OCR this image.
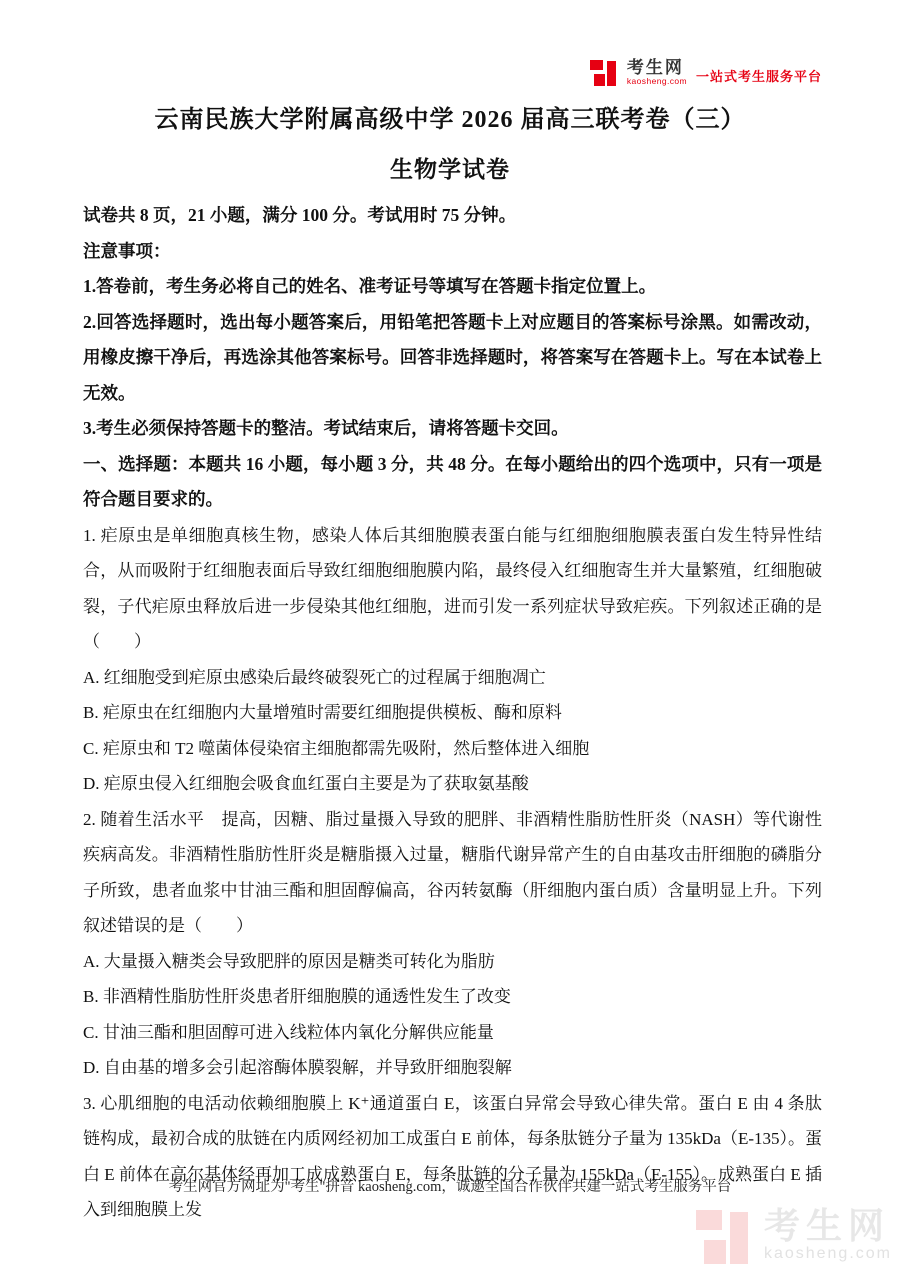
考生网
kaosheng.com 一站式考生服务平台
云南民族大学附属高级中学 2026 届高三联考卷（三）
生物学试卷

试卷共 8 页，21 小题，满分 100 分。考试用时 75 分钟。

注意事项：

1.答卷前，考生务必将自己的姓名、准考证号等填写在答题卡指定位置上。

2.回答选择题时，选出每小题答案后，用铅笔把答题卡上对应题目的答案标号涂黑。如需改动，用橡皮擦干净后，再选涂其他答案标号。回答非选择题时，将答案写在答题卡上。写在本试卷上无效。

3.考生必须保持答题卡的整洁。考试结束后，请将答题卡交回。

一、选择题：本题共 16 小题，每小题 3 分，共 48 分。在每小题给出的四个选项中，只有一项是符合题目要求的。

1. 疟原虫是单细胞真核生物，感染人体后其细胞膜表蛋白能与红细胞细胞膜表蛋白发生特异性结合，从而吸附于红细胞表面后导致红细胞细胞膜内陷，最终侵入红细胞寄生并大量繁殖，红细胞破裂，子代疟原虫释放后进一步侵染其他红细胞，进而引发一系列症状导致疟疾。下列叙述正确的是（　　）

A. 红细胞受到疟原虫感染后最终破裂死亡的过程属于细胞凋亡

B. 疟原虫在红细胞内大量增殖时需要红细胞提供模板、酶和原料

C. 疟原虫和 T2 噬菌体侵染宿主细胞都需先吸附，然后整体进入细胞

D. 疟原虫侵入红细胞会吸食血红蛋白主要是为了获取氨基酸

2. 随着生活水平　提高，因糖、脂过量摄入导致的肥胖、非酒精性脂肪性肝炎（NASH）等代谢性疾病高发。非酒精性脂肪性肝炎是糖脂摄入过量，糖脂代谢异常产生的自由基攻击肝细胞的磷脂分子所致，患者血浆中甘油三酯和胆固醇偏高，谷丙转氨酶（肝细胞内蛋白质）含量明显上升。下列叙述错误的是（　　）

A. 大量摄入糖类会导致肥胖的原因是糖类可转化为脂肪

B. 非酒精性脂肪性肝炎患者肝细胞膜的通透性发生了改变

C. 甘油三酯和胆固醇可进入线粒体内氧化分解供应能量

D. 自由基的增多会引起溶酶体膜裂解，并导致肝细胞裂解

3. 心肌细胞的电活动依赖细胞膜上 K⁺通道蛋白 E，该蛋白异常会导致心律失常。蛋白 E 由 4 条肽链构成，最初合成的肽链在内质网经初加工成蛋白 E 前体，每条肽链分子量为 135kDa（E-135）。蛋白 E 前体在高尔基体经再加工成成熟蛋白 E，每条肽链的分子量为 155kDa（E-155）。成熟蛋白 E 插入到细胞膜上发

考生网官方网址为"考生"拼音 kaosheng.com，诚邀全国合作伙伴共建一站式考生服务平台
考生网
kaosheng.com
